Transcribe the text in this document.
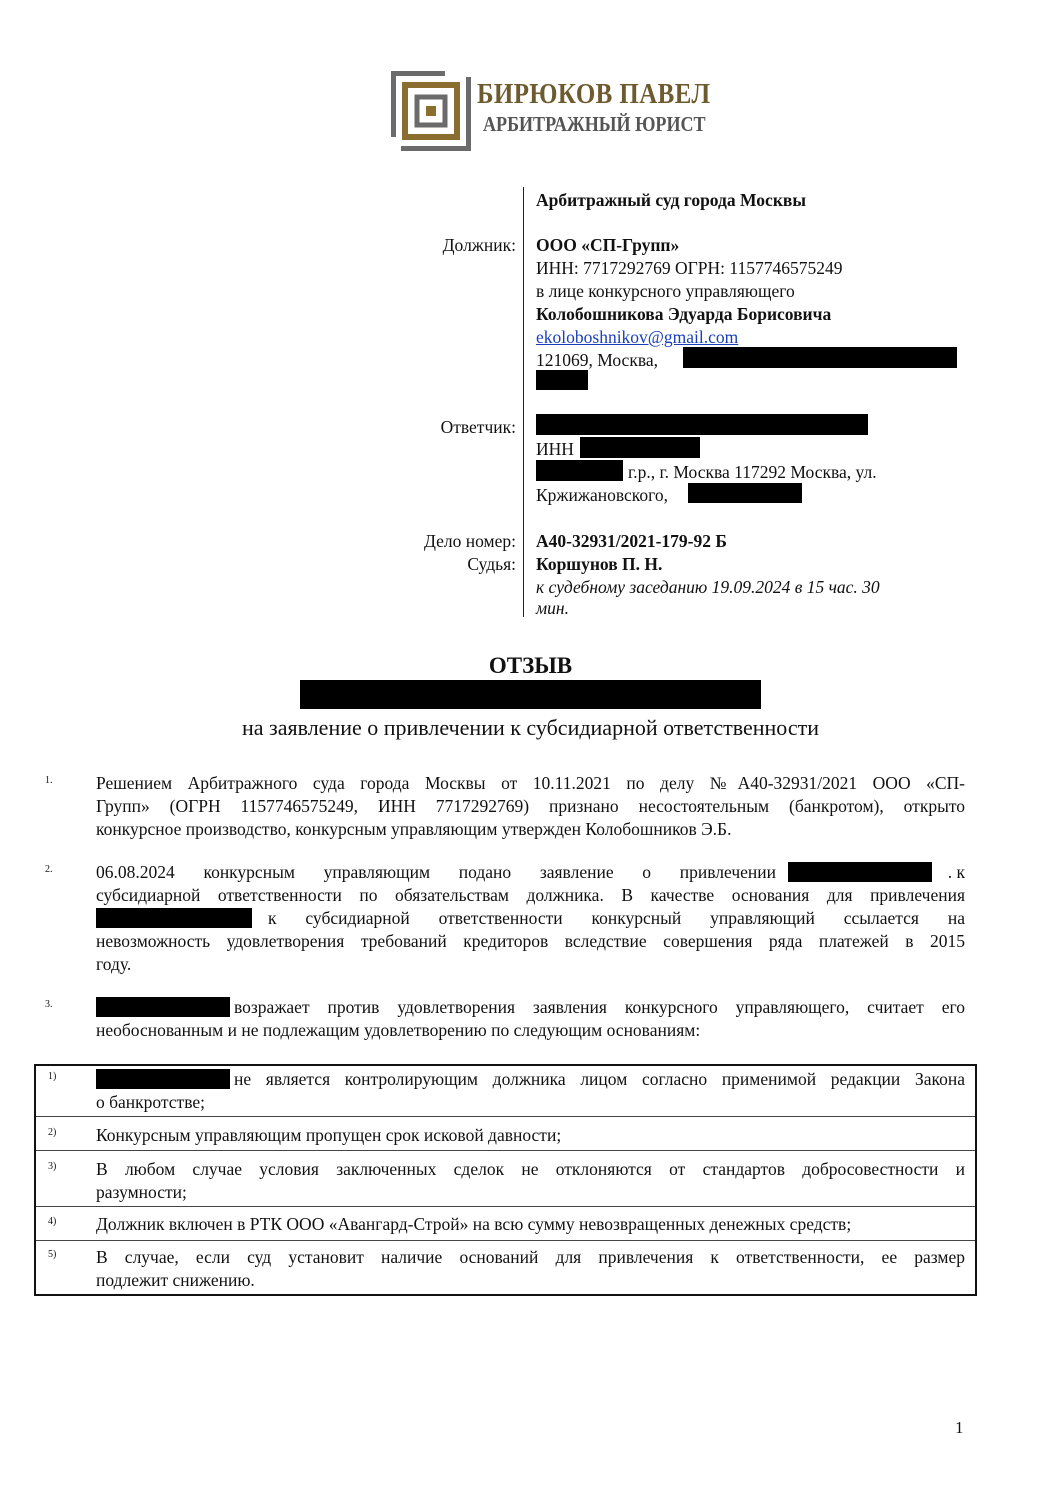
БИРЮКОВ ПАВЕЛ
АРБИТРАЖНЫЙ ЮРИСТ
Арбитражный суд города Москвы
Должник: ООО «СП-Групп»
ИНН: 7717292769 ОГРН: 1157746575249
в лице конкурсного управляющего
Колобошникова Эдуарда Борисовича
ekoloboshnikov@gmail.com
121069, Москва,
Ответчик:
ИНН
г.р., г. Москва 117292 Москва, ул.
Кржижановского,
Дело номер: А40-32931/2021-179-92 Б
Судья: Коршунов П. Н.
к судебному заседанию 19.09.2024 в 15 час. 30
мин.
ОТЗЫВ
на заявление о привлечении к субсидиарной ответственности
1. Решением Арбитражного суда города Москвы от 10.11.2021 по делу №А40-32931/2021 ООО «СП-
Групп» (ОГРН 1157746575249, ИНН 7717292769) признано несостоятельным (банкротом), открыто
конкурсное производство, конкурсным управляющим утвержден Колобошников Э.Б.
2. 06.08.2024 конкурсным управляющим подано заявление о привлечении	. к
субсидиарной ответственности по обязательствам должника. В качестве основания для привлечения
к субсидиарной ответственности конкурсный управляющий ссылается на
невозможность удовлетворения требований кредиторов вследствие совершения ряда платежей в 2015
году.
3.	возражает против удовлетворения заявления конкурсного управляющего, считает его
необоснованным и не подлежащим удовлетворению по следующим основаниям:
1)	не является контролирующим должника лицом согласно применимой редакции Закона
о банкротстве;
2) Конкурсным управляющим пропущен срок исковой давности;
3) В любом случае условия заключенных сделок не отклоняются от стандартов добросовестности и
разумности;
4) Должник включен в РТК ООО «Авангард-Строй» на всю сумму невозвращенных денежных средств;
5) В случае, если суд установит наличие оснований для привлечения к ответственности, ее размер
подлежит снижению.
1
